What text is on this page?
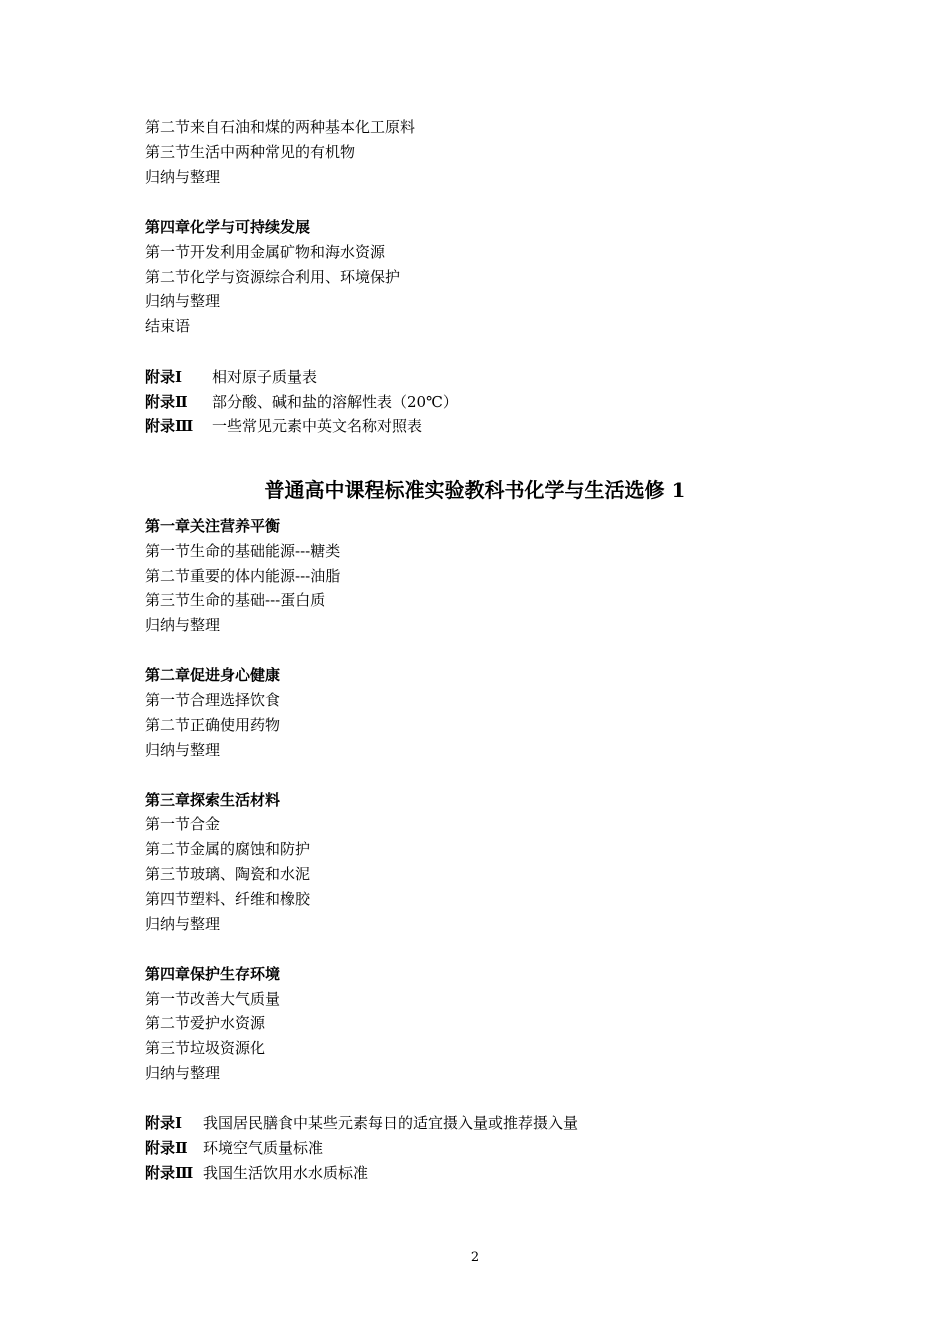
第二节来自石油和煤的两种基本化工原料
第三节生活中两种常见的有机物
归纳与整理
第四章化学与可持续发展
第一节开发利用金属矿物和海水资源
第二节化学与资源综合利用、环境保护
归纳与整理
结束语
附录Ⅰ 相对原子质量表
附录Ⅱ 部分酸、碱和盐的溶解性表（20℃）
附录Ⅲ 一些常见元素中英文名称对照表
普通高中课程标准实验教科书化学与生活选修 1
第一章关注营养平衡
第一节生命的基础能源---糖类
第二节重要的体内能源---油脂
第三节生命的基础---蛋白质
归纳与整理
第二章促进身心健康
第一节合理选择饮食
第二节正确使用药物
归纳与整理
第三章探索生活材料
第一节合金
第二节金属的腐蚀和防护
第三节玻璃、陶瓷和水泥
第四节塑料、纤维和橡胶
归纳与整理
第四章保护生存环境
第一节改善大气质量
第二节爱护水资源
第三节垃圾资源化
归纳与整理
附录Ⅰ 我国居民膳食中某些元素每日的适宜摄入量或推荐摄入量
附录Ⅱ 环境空气质量标准
附录Ⅲ 我国生活饮用水水质标准
2
